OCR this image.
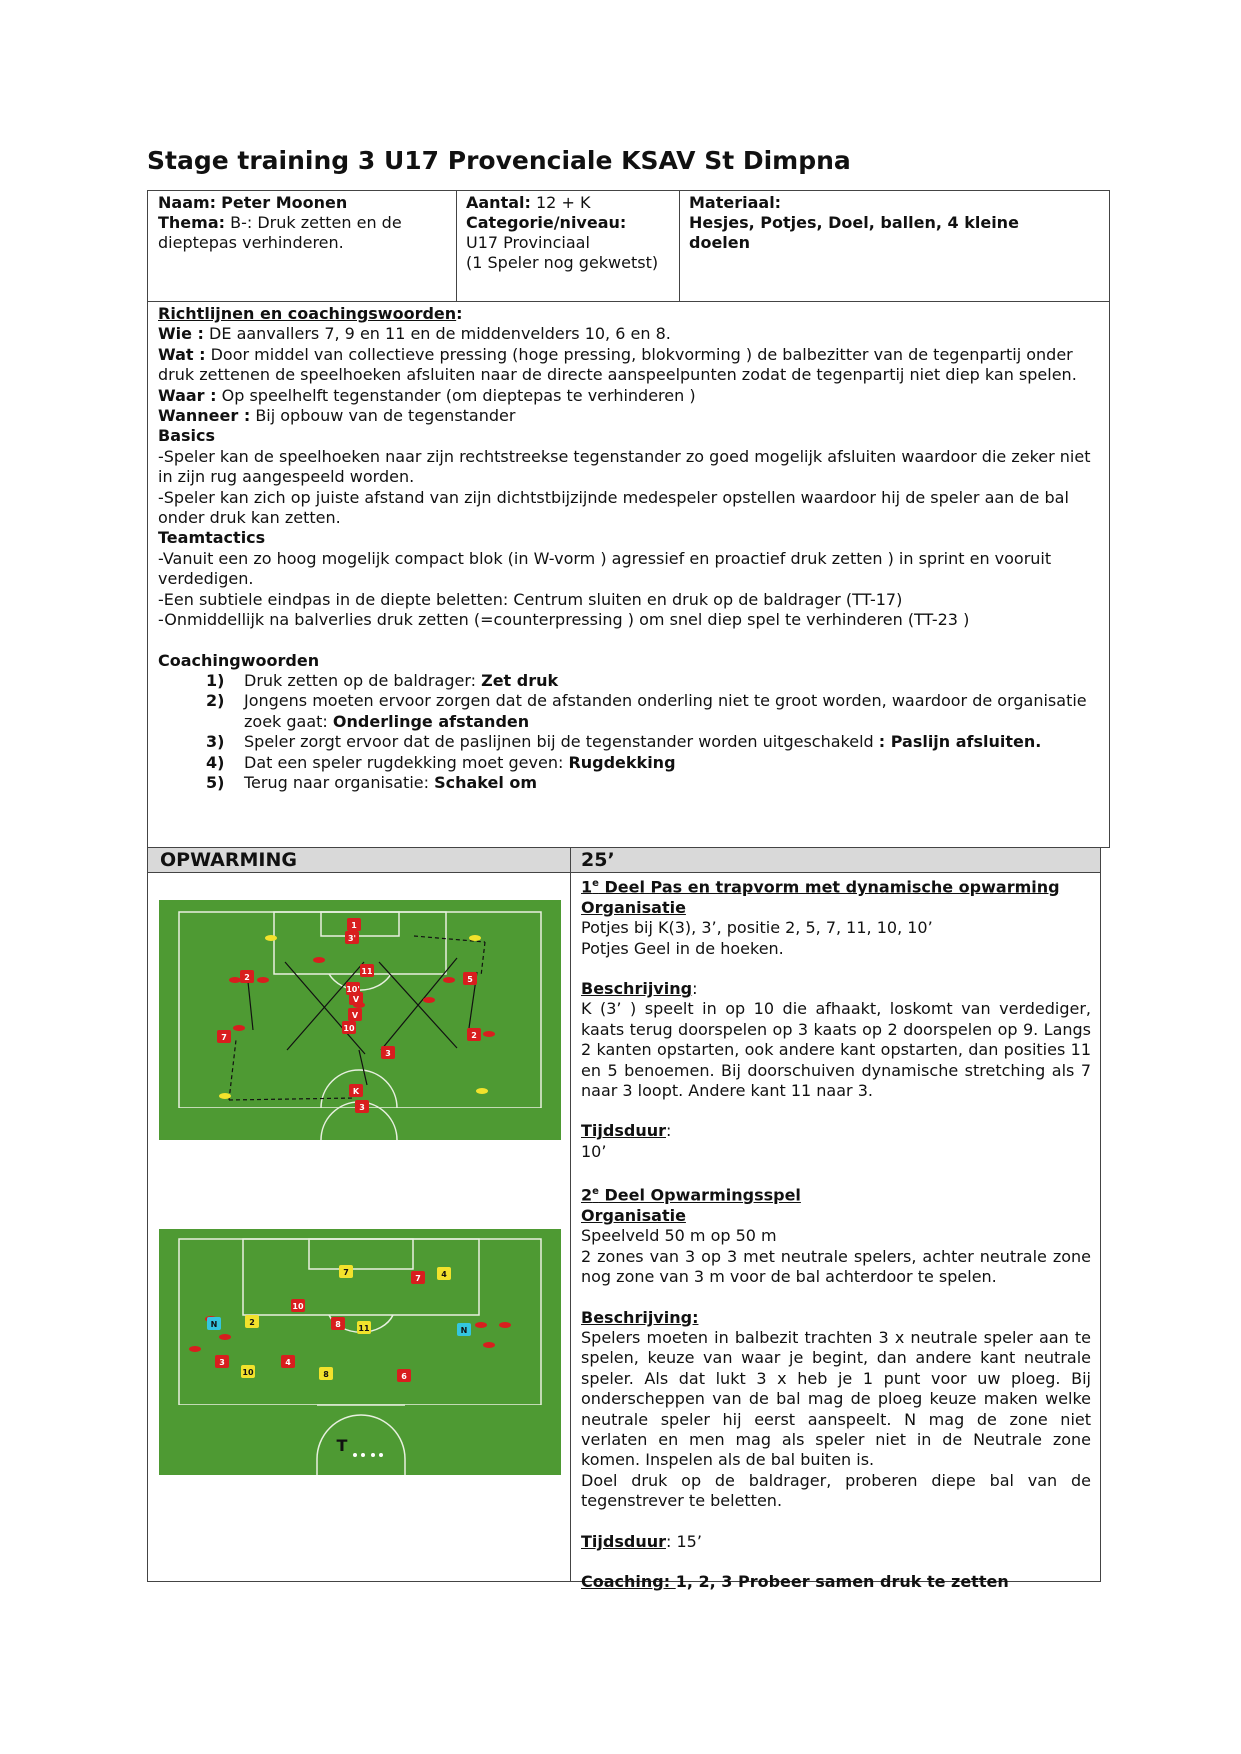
Stage training 3 U17 Provenciale KSAV St Dimpna
Naam: Peter Moonen
Thema: B-: Druk zetten en de dieptepas verhinderen.
Aantal: 12 + K
Categorie/niveau:
U17 Provinciaal
(1 Speler nog gekwetst)
Materiaal:
Hesjes, Potjes, Doel, ballen, 4 kleine doelen
Richtlijnen en coachingswoorden:
Wie : DE aanvallers 7, 9 en 11 en de middenvelders 10, 6 en 8.
Wat : Door middel van collectieve pressing (hoge pressing, blokvorming ) de balbezitter van de tegenpartij onder druk zettenen de speelhoeken afsluiten naar de directe aanspeelpunten zodat de tegenpartij niet diep kan spelen.
Waar : Op speelhelft tegenstander (om dieptepas te verhinderen )
Wanneer : Bij opbouw van de tegenstander
Basics
-Speler kan de speelhoeken naar zijn rechtstreekse tegenstander zo goed mogelijk afsluiten waardoor die zeker niet in zijn rug aangespeeld worden.
-Speler kan zich op juiste afstand van zijn dichtstbijzijnde medespeler opstellen waardoor hij de speler aan de bal onder druk kan zetten.
Teamtactics
-Vanuit een zo hoog mogelijk compact blok (in W-vorm ) agressief en proactief druk zetten ) in sprint en vooruit verdedigen.
-Een subtiele eindpas in de diepte beletten: Centrum sluiten en druk op de baldrager (TT-17)
-Onmiddellijk na balverlies druk zetten (=counterpressing ) om snel diep spel te verhinderen (TT-23 )
Coachingwoorden
1) Druk zetten op de baldrager: Zet druk
2) Jongens moeten ervoor zorgen dat de afstanden onderling niet te groot worden, waardoor de organisatie zoek gaat: Onderlinge afstanden
3) Speler zorgt ervoor dat de paslijnen bij de tegenstander worden uitgeschakeld : Paslijn afsluiten.
4) Dat een speler rugdekking moet geven: Rugdekking
5) Terug naar organisatie: Schakel om
OPWARMING	25’
1
3'
2	5
10'
V
V
10
3
7	2
K
3
11
7
7	4
10
N	2	8 11	N
3
10
4
8	6
T
1e Deel Pas en trapvorm met dynamische opwarming
Organisatie
Potjes bij K(3), 3’, positie 2, 5, 7, 11, 10, 10’
Potjes Geel in de hoeken.
Beschrijving:
K (3’ ) speelt in op 10 die afhaakt, loskomt van verdediger, kaats terug doorspelen op 3 kaats op 2 doorspelen op 9. Langs 2 kanten opstarten, ook andere kant opstarten, dan posities 11 en 5 benoemen. Bij doorschuiven dynamische stretching als 7 naar 3 loopt. Andere kant 11 naar 3.
Tijdsduur:
10’
2e Deel Opwarmingsspel
Organisatie
Speelveld 50 m op 50 m
2 zones van 3 op 3 met neutrale spelers, achter neutrale zone nog zone van 3 m voor de bal achterdoor te spelen.
Beschrijving:
Spelers moeten in balbezit trachten 3 x neutrale speler aan te spelen, keuze van waar je begint, dan andere kant neutrale speler. Als dat lukt 3 x heb je 1 punt voor uw ploeg. Bij onderscheppen van de bal mag de ploeg keuze maken welke neutrale speler hij eerst aanspeelt. N mag de zone niet verlaten en men mag als speler niet in de Neutrale zone komen. Inspelen als de bal buiten is.
Doel druk op de baldrager, proberen diepe bal van de tegenstrever te beletten.
Tijdsduur: 15’
Coaching: 1, 2, 3 Probeer samen druk te zetten
